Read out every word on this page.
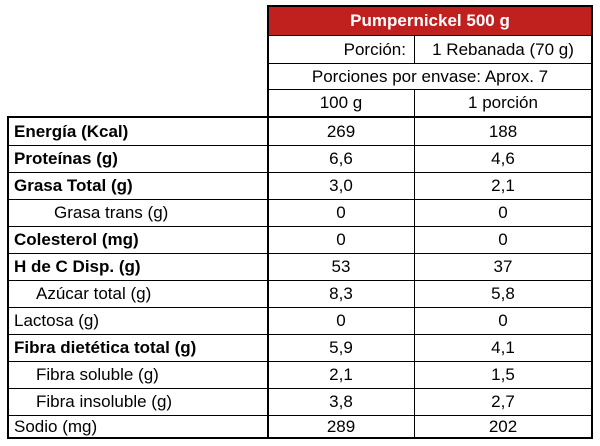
Pumpernickel 500 g
Porción:	1 Rebanada (70 g)
Porciones por envase: Aprox. 7
100 g	1 porción
Energía (Kcal)	269	188
Proteínas (g)	6,6	4,6
Grasa Total (g)	3,0	2,1
Grasa trans (g)	0	0
Colesterol (mg)	0	0
H de C Disp. (g)	53	37
Azúcar total (g)	8,3	5,8
Lactosa (g)	0	0
Fibra dietética total (g)	5,9	4,1
Fibra soluble (g)	2,1	1,5
Fibra insoluble (g)	3,8	2,7
Sodio (mg)	289	202
